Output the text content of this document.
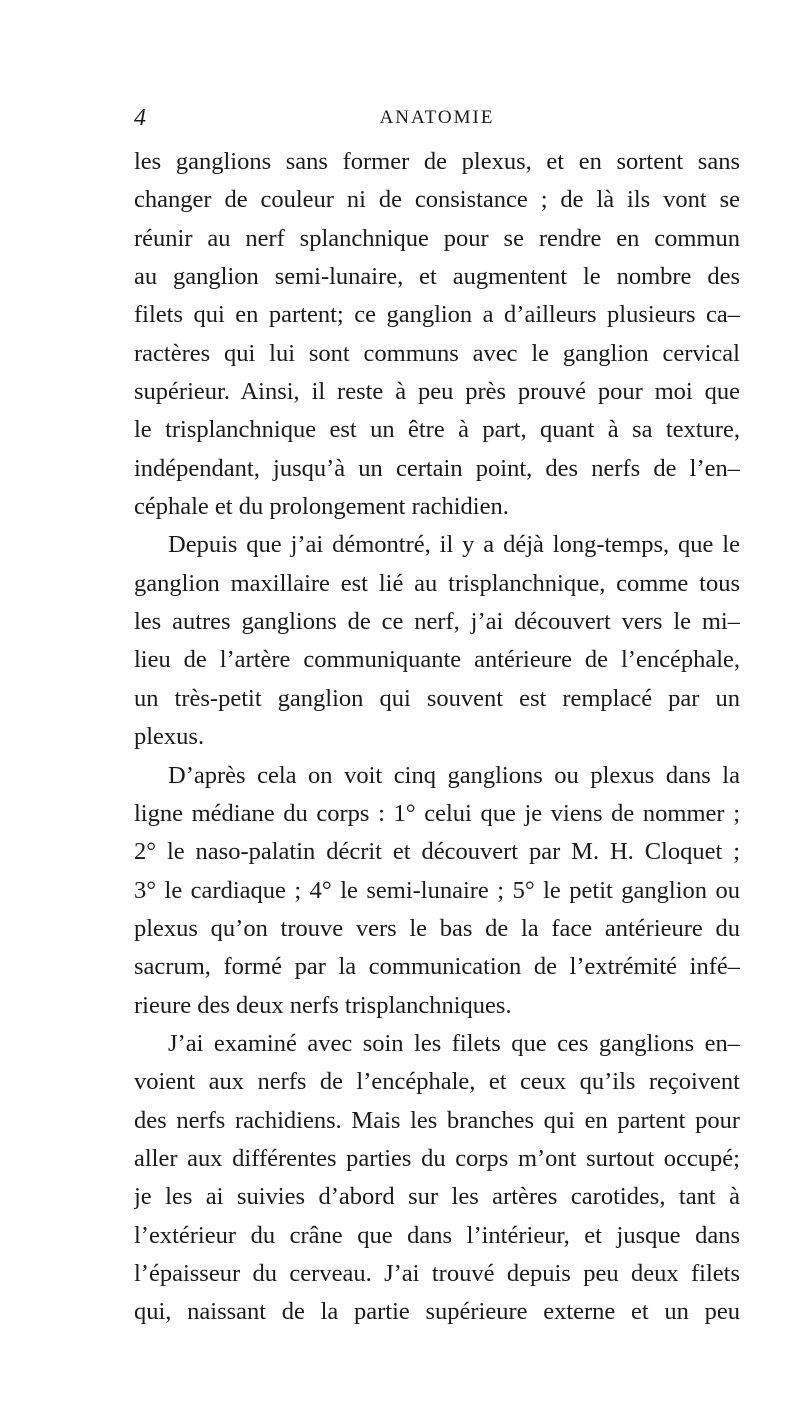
4	ANATOMIE
les ganglions sans former de plexus, et en sortent sans
changer de couleur ni de consistance ; de là ils vont se
réunir au nerf splanchnique pour se rendre en commun
au ganglion semi-lunaire, et augmentent le nombre des
filets qui en partent; ce ganglion a d’ailleurs plusieurs ca–
ractères qui lui sont communs avec le ganglion cervical
supérieur. Ainsi, il reste à peu près prouvé pour moi que
le trisplanchnique est un être à part, quant à sa texture,
indépendant, jusqu’à un certain point, des nerfs de l’en–
céphale et du prolongement rachidien.
Depuis que j’ai démontré, il y a déjà long-temps, que le
ganglion maxillaire est lié au trisplanchnique, comme tous
les autres ganglions de ce nerf, j’ai découvert vers le mi–
lieu de l’artère communiquante antérieure de l’encéphale,
un très-petit ganglion qui souvent est remplacé par un
plexus.
D’après cela on voit cinq ganglions ou plexus dans la
ligne médiane du corps : 1° celui que je viens de nommer ;
2° le naso-palatin décrit et découvert par M. H. Cloquet ;
3° le cardiaque ; 4° le semi-lunaire ; 5° le petit ganglion ou
plexus qu’on trouve vers le bas de la face antérieure du
sacrum, formé par la communication de l’extrémité infé–
rieure des deux nerfs trisplanchniques.
J’ai examiné avec soin les filets que ces ganglions en–
voient aux nerfs de l’encéphale, et ceux qu’ils reçoivent
des nerfs rachidiens. Mais les branches qui en partent pour
aller aux différentes parties du corps m’ont surtout occupé;
je les ai suivies d’abord sur les artères carotides, tant à
l’extérieur du crâne que dans l’intérieur, et jusque dans
l’épaisseur du cerveau. J’ai trouvé depuis peu deux filets
qui, naissant de la partie supérieure externe et un peu
